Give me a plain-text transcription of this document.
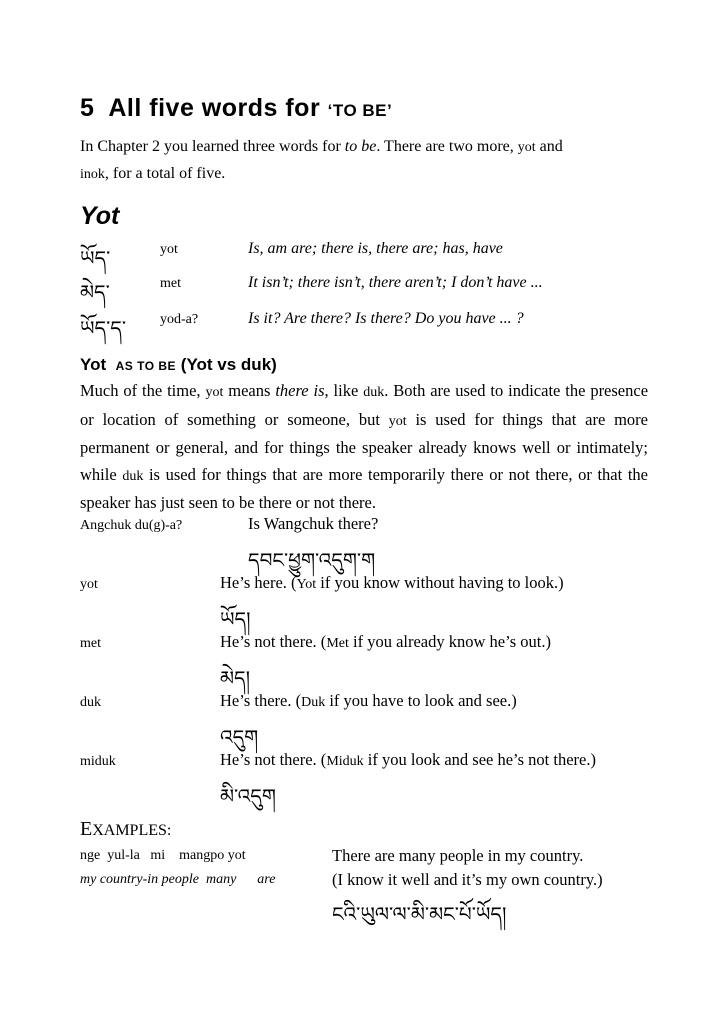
5 All five words for ‘TO BE’
In Chapter 2 you learned three words for to be. There are two more, yot and
inok, for a total of five.
Yot
ཡོད་	yot	Is, am are; there is, there are; has, have
མེད་	met	It isn’t; there isn’t, there aren’t; I don’t have ...
ཡོད་ད་ yod-a?	Is it? Are there? Is there? Do you have ... ?
Yot AS TO BE (Yot vs duk)
Much of the time, yot means there is, like duk. Both are used to indicate the presence or location of something or someone, but yot is used for things that are more permanent or general, and for things the speaker already knows well or intimately; while duk is used for things that are more temporarily there or not there, or that the speaker has just seen to be there or not there.
Angchuk du(g)-a?	Is Wangchuk there?
དབང་ཕྱུག་འདུག་ག
yot	He’s here. (Yot if you know without having to look.)
ཡོད།
met	He’s not there. (Met if you already know he’s out.)
མེད།
duk	He’s there. (Duk if you have to look and see.)
འདུག
miduk	He’s not there. (Miduk if you look and see he’s not there.)
མི་འདུག
EXAMPLES:
nge  yul-la   mi    mangpo yot	There are many people in my country.
my country-in people  many      are	(I know it well and it’s my own country.)
ངའི་ཡུལ་ལ་མི་མང་པོ་ཡོད།
